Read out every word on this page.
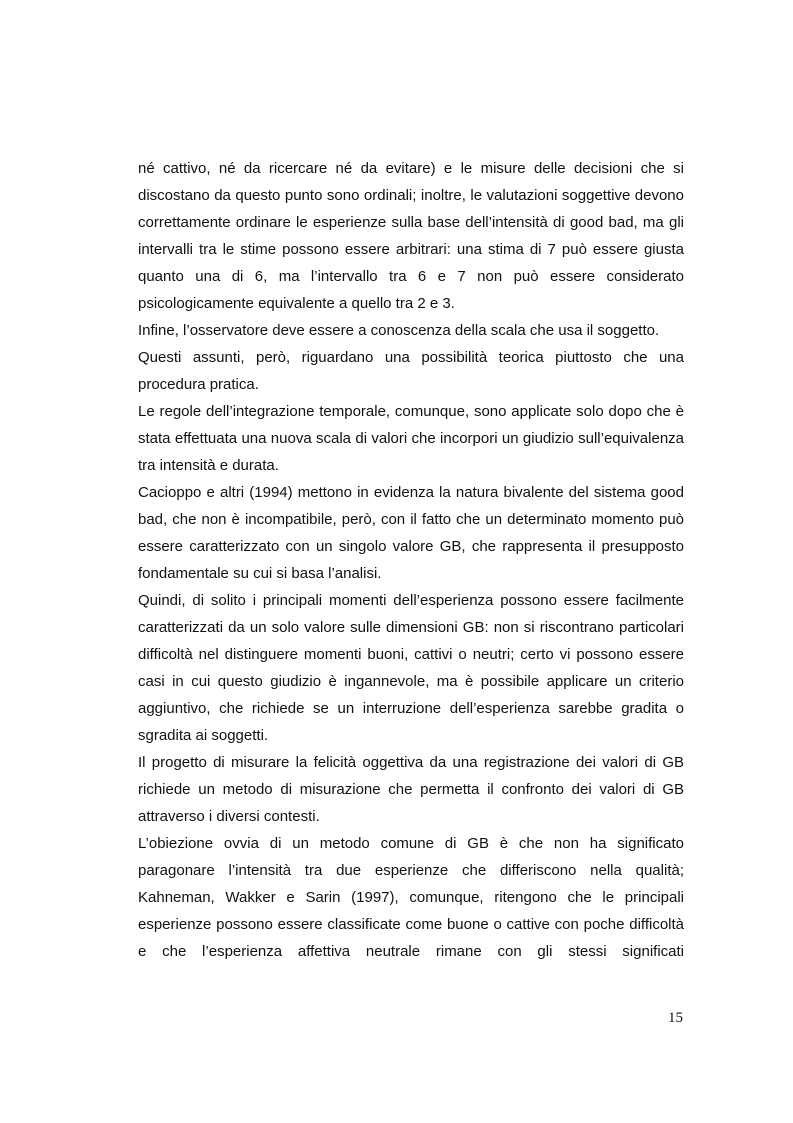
né cattivo, né da ricercare né da evitare) e le misure delle decisioni che si discostano da questo punto sono ordinali; inoltre, le valutazioni soggettive devono correttamente ordinare le esperienze sulla base dell’intensità di good bad, ma gli intervalli tra le stime possono essere arbitrari: una stima di 7 può essere giusta quanto una di 6, ma l’intervallo tra 6 e 7 non può essere considerato psicologicamente equivalente a quello tra 2 e 3.

Infine, l’osservatore deve essere a conoscenza della scala che usa il soggetto.

Questi assunti, però, riguardano una possibilità teorica piuttosto che una procedura pratica.

Le regole dell’integrazione temporale, comunque, sono applicate solo dopo che è stata effettuata una nuova scala di valori che incorpori un giudizio sull’equivalenza tra intensità e durata.

Cacioppo e altri (1994) mettono in evidenza la natura bivalente del sistema good bad, che non è incompatibile, però, con il fatto che un determinato momento può essere caratterizzato con un singolo valore GB, che rappresenta il presupposto fondamentale su cui si basa l’analisi.

Quindi, di solito i principali momenti dell’esperienza possono essere facilmente caratterizzati da un solo valore sulle dimensioni GB: non si riscontrano particolari difficoltà nel distinguere momenti buoni, cattivi o neutri; certo vi possono essere casi in cui questo giudizio è ingannevole, ma è possibile applicare un criterio aggiuntivo, che richiede se un interruzione dell’esperienza sarebbe gradita o sgradita ai soggetti.

Il progetto di misurare la felicità oggettiva da una registrazione dei valori di GB richiede un metodo di misurazione che permetta il confronto dei valori di GB attraverso i diversi contesti.

L’obiezione ovvia di un metodo comune di GB è che non ha significato paragonare l’intensità tra due esperienze che differiscono nella qualità; Kahneman, Wakker e Sarin (1997), comunque, ritengono che le principali esperienze possono essere classificate come buone o cattive con poche difficoltà e che l’esperienza affettiva neutrale rimane con gli stessi significati

15
